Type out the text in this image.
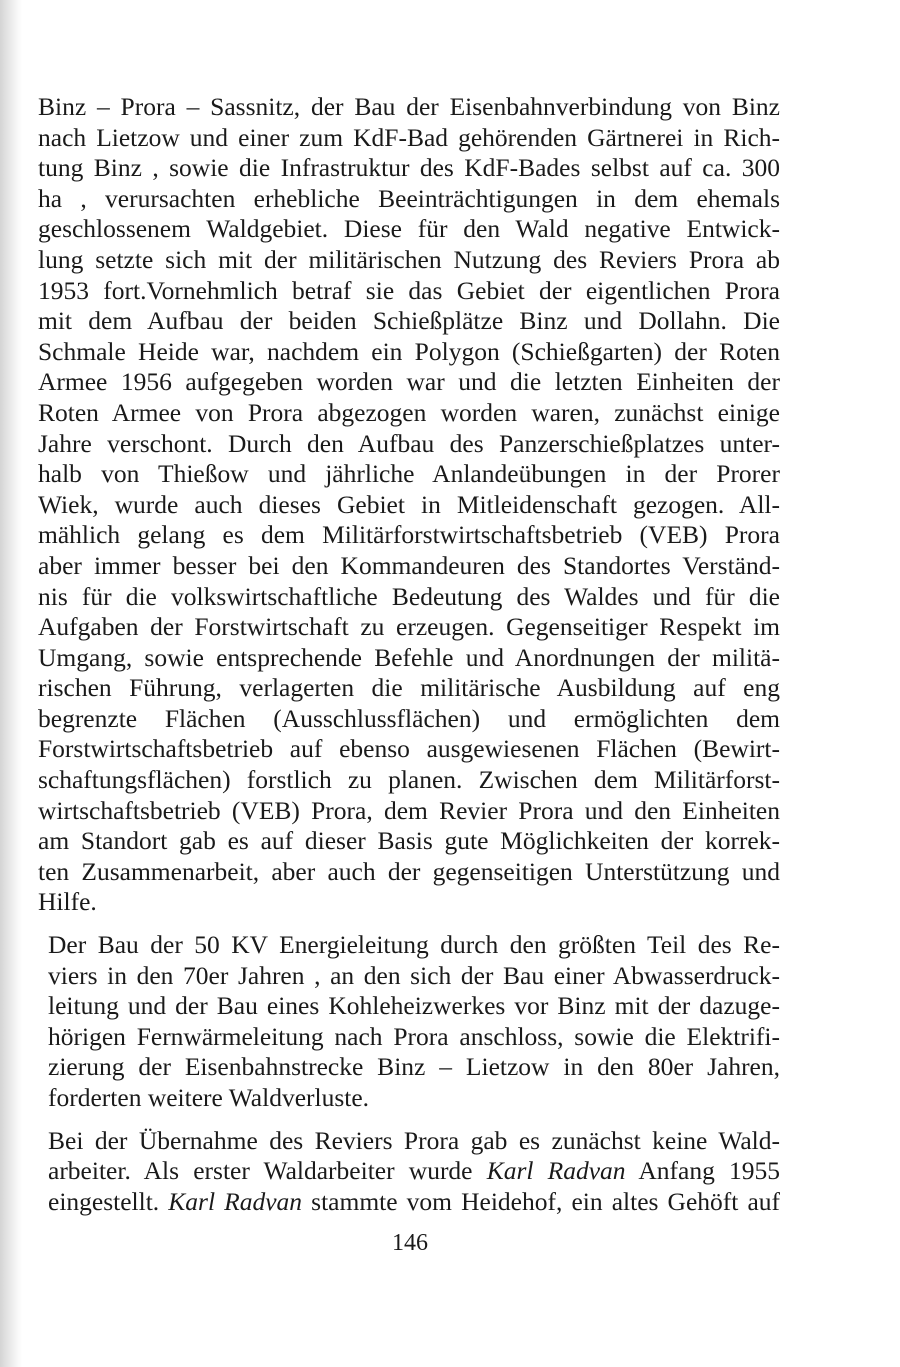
Binz – Prora – Sassnitz, der Bau der Eisenbahnverbindung von Binz
nach Lietzow und einer zum KdF-Bad gehörenden Gärtnerei in Rich-
tung Binz , sowie die Infrastruktur des KdF-Bades selbst auf ca. 300
ha , verursachten erhebliche Beeinträchtigungen in dem ehemals
geschlossenem Waldgebiet. Diese für den Wald negative Entwick-
lung setzte sich mit der militärischen Nutzung des Reviers Prora ab
1953 fort.Vornehmlich betraf sie das Gebiet der eigentlichen Prora
mit dem Aufbau der beiden Schießplätze Binz und Dollahn. Die
Schmale Heide war, nachdem ein Polygon (Schießgarten) der Roten
Armee 1956 aufgegeben worden war und die letzten Einheiten der
Roten Armee von Prora abgezogen worden waren, zunächst einige
Jahre verschont. Durch den Aufbau des Panzerschießplatzes unter-
halb von Thießow und jährliche Anlandeübungen in der Prorer
Wiek, wurde auch dieses Gebiet in Mitleidenschaft gezogen. All-
mählich gelang es dem Militärforstwirtschaftsbetrieb (VEB) Prora
aber immer besser bei den Kommandeuren des Standortes Verständ-
nis für die volkswirtschaftliche Bedeutung des Waldes und für die
Aufgaben der Forstwirtschaft zu erzeugen. Gegenseitiger Respekt im
Umgang, sowie entsprechende Befehle und Anordnungen der militä-
rischen Führung, verlagerten die militärische Ausbildung auf eng
begrenzte Flächen (Ausschlussflächen) und ermöglichten dem
Forstwirtschaftsbetrieb auf ebenso ausgewiesenen Flächen (Bewirt-
schaftungsflächen) forstlich zu planen. Zwischen dem Militärforst-
wirtschaftsbetrieb (VEB) Prora, dem Revier Prora und den Einheiten
am Standort gab es auf dieser Basis gute Möglichkeiten der korrek-
ten Zusammenarbeit, aber auch der gegenseitigen Unterstützung und
Hilfe.

Der Bau der 50 KV Energieleitung durch den größten Teil des Re-
viers in den 70er Jahren , an den sich der Bau einer Abwasserdruck-
leitung und der Bau eines Kohleheizwerkes vor Binz mit der dazuge-
hörigen Fernwärmeleitung nach Prora anschloss, sowie die Elektrifi-
zierung der Eisenbahnstrecke Binz – Lietzow in den 80er Jahren,
forderten weitere Waldverluste.

Bei der Übernahme des Reviers Prora gab es zunächst keine Wald-
arbeiter. Als erster Waldarbeiter wurde Karl Radvan Anfang 1955
eingestellt. Karl Radvan stammte vom Heidehof, ein altes Gehöft auf

146
